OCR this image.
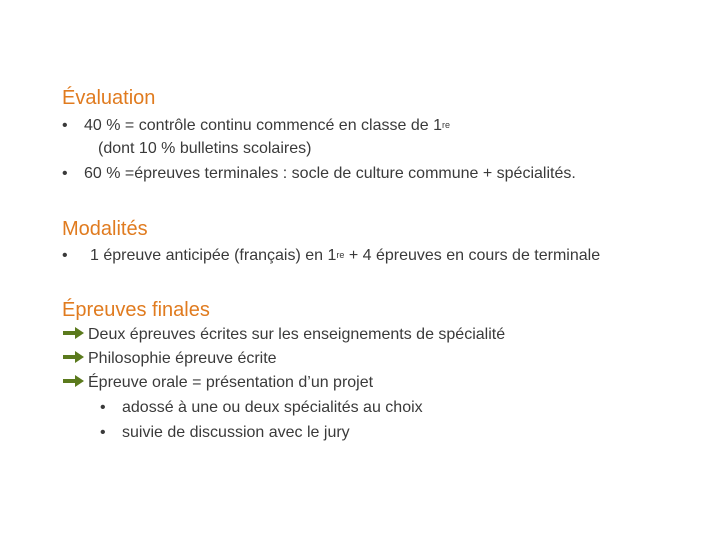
Évaluation
• 40 % = contrôle continu commencé en classe de 1re
(dont 10 % bulletins scolaires)
• 60 % =épreuves terminales : socle de culture commune + spécialités.
Modalités
• 1 épreuve anticipée (français) en 1re + 4 épreuves en cours de terminale
Épreuves finales
Deux épreuves écrites sur les enseignements de spécialité
Philosophie épreuve écrite
Épreuve orale = présentation d’un projet
• adossé à une ou deux spécialités au choix
• suivie de discussion avec le jury
